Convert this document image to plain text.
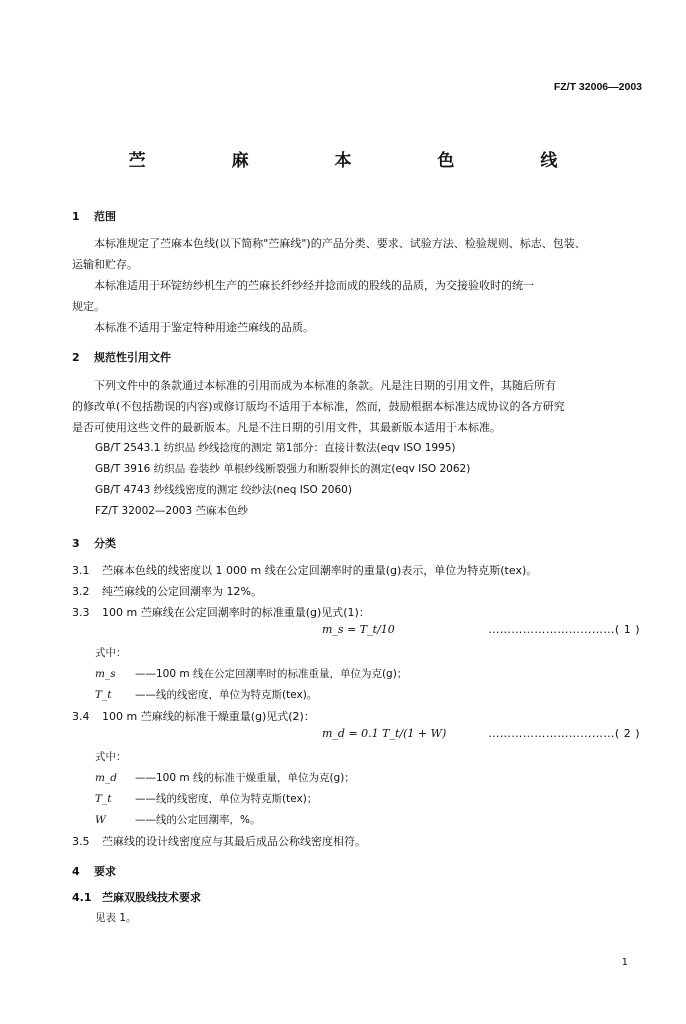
FZ/T 32006—2003
苎 麻 本 色 线
1 范围
本标准规定了苎麻本色线(以下简称"苎麻线")的产品分类、要求、试验方法、检验规则、标志、包装、
运输和贮存。
本标准适用于环锭纺纱机生产的苎麻长纤纱经并捻而成的股线的品质，为交接验收时的统一
规定。
本标准不适用于鉴定特种用途苎麻线的品质。
2 规范性引用文件
下列文件中的条款通过本标准的引用而成为本标准的条款。凡是注日期的引用文件，其随后所有
的修改单(不包括勘误的内容)或修订版均不适用于本标准，然而，鼓励根据本标准达成协议的各方研究
是否可使用这些文件的最新版本。凡是不注日期的引用文件，其最新版本适用于本标准。
GB/T 2543.1 纺织品 纱线捻度的测定 第1部分：直接计数法(eqv ISO 1995)
GB/T 3916 纺织品 卷装纱 单根纱线断裂强力和断裂伸长的测定(eqv ISO 2062)
GB/T 4743 纱线线密度的测定 绞纱法(neq ISO 2060)
FZ/T 32002—2003 苎麻本色纱
3 分类
3.1 苎麻本色线的线密度以 1 000 m 线在公定回潮率时的重量(g)表示，单位为特克斯(tex)。
3.2 纯苎麻线的公定回潮率为 12%。
3.3 100 m 苎麻线在公定回潮率时的标准重量(g)见式(1)：
m_s = T_t/10	……………………………( 1 )
式中：
m_s ——100 m 线在公定回潮率时的标准重量，单位为克(g)；
T_t ——线的线密度，单位为特克斯(tex)。
3.4 100 m 苎麻线的标准干燥重量(g)见式(2)：
m_d = 0.1 T_t/(1 + W)	……………………………( 2 )
式中：
m_d ——100 m 线的标准干燥重量，单位为克(g)；
T_t ——线的线密度，单位为特克斯(tex)；
W	——线的公定回潮率，%。
3.5 苎麻线的设计线密度应与其最后成品公称线密度相符。
4 要求
4.1 苎麻双股线技术要求
见表 1。
1
